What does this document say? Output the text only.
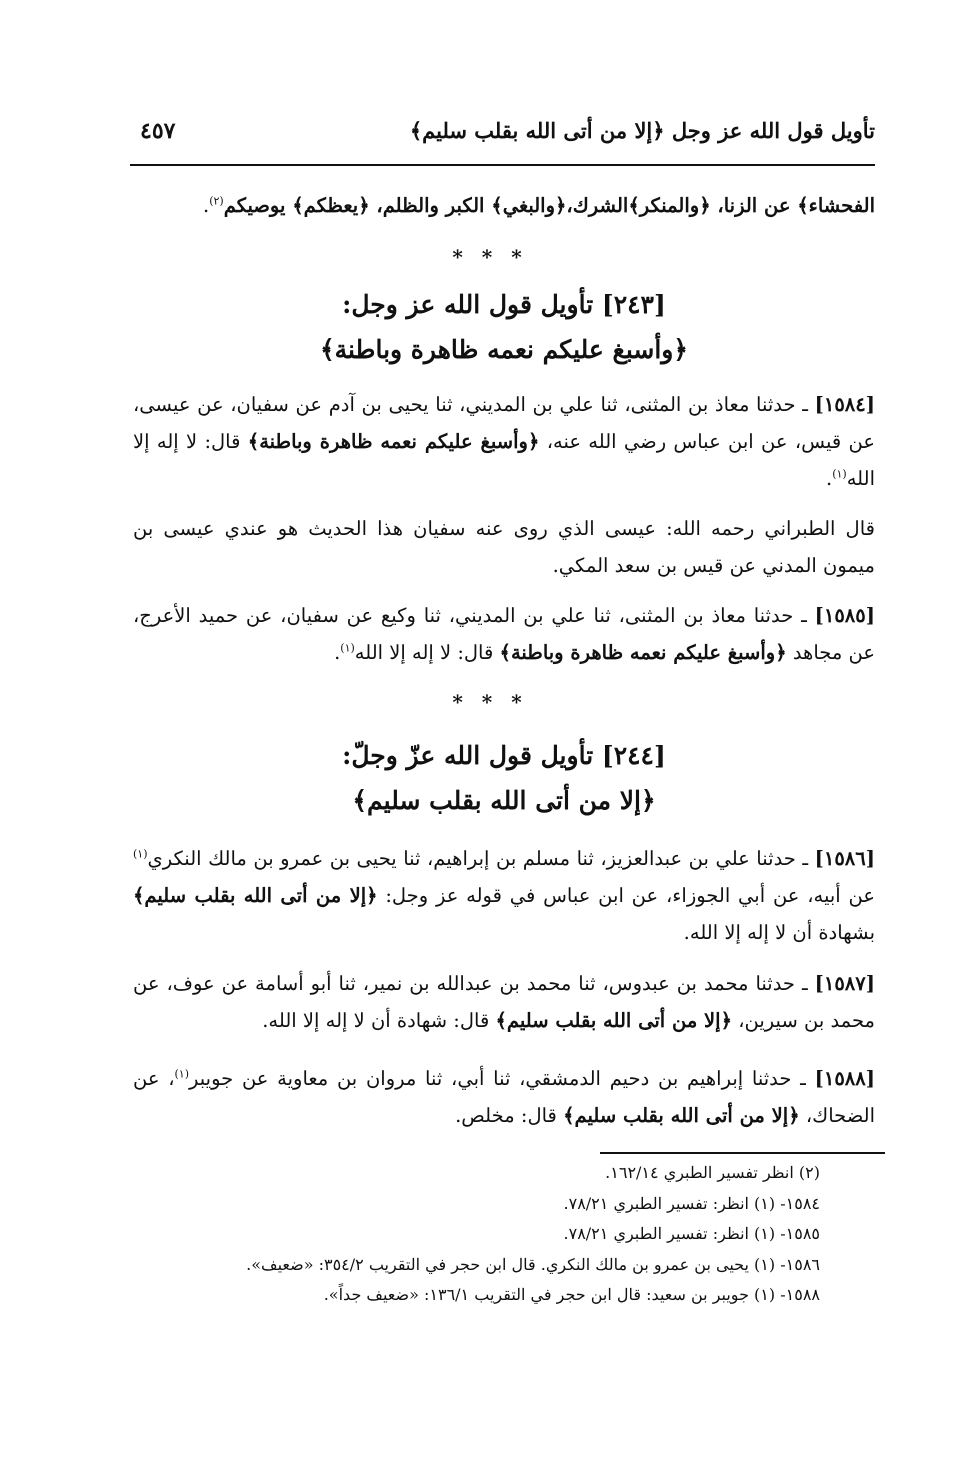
تأويل قول الله عز وجل ﴿إلا من أتى الله بقلب سليم﴾
٤٥٧
الفحشاء﴾ عن الزنا، ﴿والمنكر﴾الشرك،﴿والبغي﴾ الكبر والظلم، ﴿يعظكم﴾ يوصيكم$^{(٢)}$.
* * *
[٢٤٣] تأويل قول الله عز وجل:
﴿وأسبغ عليكم نعمه ظاهرة وباطنة﴾
[١٥٨٤] ـ حدثنا معاذ بن المثنى، ثنا علي بن المديني، ثنا يحيى بن آدم عن سفيان، عن عيسى، عن قيس، عن ابن عباس رضي الله عنه، ﴿وأسبغ عليكم نعمه ظاهرة وباطنة﴾ قال: لا إله إلا الله$^{(١)}$.
قال الطبراني رحمه الله: عيسى الذي روى عنه سفيان هذا الحديث هو عندي عيسى بن ميمون المدني عن قيس بن سعد المكي.
[١٥٨٥] ـ حدثنا معاذ بن المثنى، ثنا علي بن المديني، ثنا وكيع عن سفيان، عن حميد الأعرج، عن مجاهد ﴿وأسبغ عليكم نعمه ظاهرة وباطنة﴾ قال: لا إله إلا الله$^{(١)}$.
* * *
[٢٤٤] تأويل قول الله عزّ وجلّ:
﴿إلا من أتى الله بقلب سليم﴾
[١٥٨٦] ـ حدثنا علي بن عبدالعزيز، ثنا مسلم بن إبراهيم، ثنا يحيى بن عمرو بن مالك النكري$^{(١)}$ عن أبيه، عن أبي الجوزاء، عن ابن عباس في قوله عز وجل: ﴿إلا من أتى الله بقلب سليم﴾ بشهادة أن لا إله إلا الله.
[١٥٨٧] ـ حدثنا محمد بن عبدوس، ثنا محمد بن عبدالله بن نمير، ثنا أبو أسامة عن عوف، عن محمد بن سيرين، ﴿إلا من أتى الله بقلب سليم﴾ قال: شهادة أن لا إله إلا الله.
[١٥٨٨] ـ حدثنا إبراهيم بن دحيم الدمشقي، ثنا أبي، ثنا مروان بن معاوية عن جويبر$^{(١)}$، عن الضحاك، ﴿إلا من أتى الله بقلب سليم﴾ قال: مخلص.
(٢) انظر تفسير الطبري ١٦٢/١٤.
١٥٨٤- (١) انظر: تفسير الطبري ٧٨/٢١.
١٥٨٥- (١) انظر: تفسير الطبري ٧٨/٢١.
١٥٨٦- (١) يحيى بن عمرو بن مالك النكري. قال ابن حجر في التقريب ٣٥٤/٢: «ضعيف».
١٥٨٨- (١) جويبر بن سعيد: قال ابن حجر في التقريب ١٣٦/١: «ضعيف جداً».
